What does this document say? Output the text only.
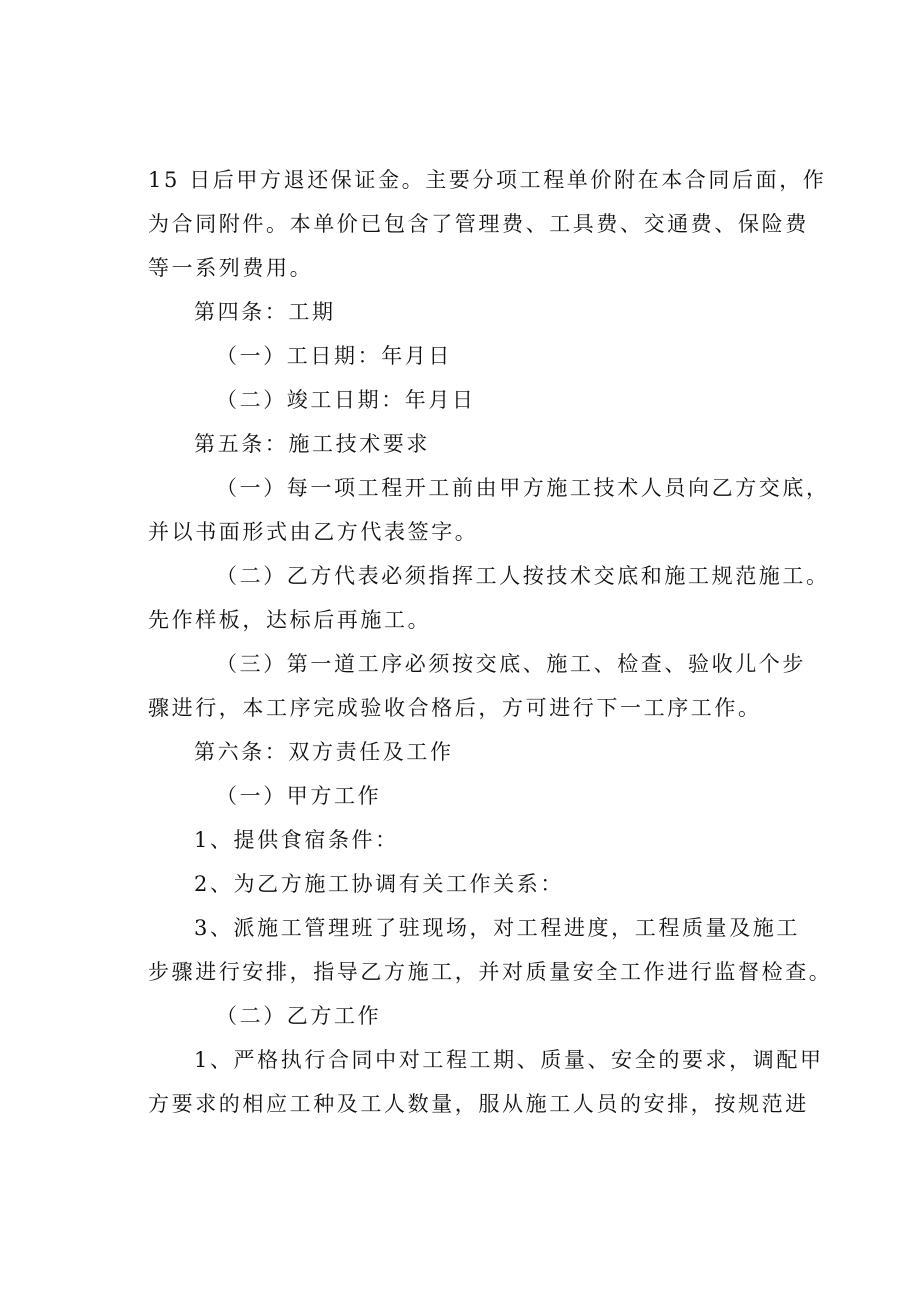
15 日后甲方退还保证金。主要分项工程单价附在本合同后面，作

为合同附件。本单价已包含了管理费、工具费、交通费、保险费

等一系列费用。

第四条：工期

（一）工日期：年月日

（二）竣工日期：年月日

第五条：施工技术要求

（一）每一项工程开工前由甲方施工技术人员向乙方交底，

并以书面形式由乙方代表签字。

（二）乙方代表必须指挥工人按技术交底和施工规范施工。

先作样板，达标后再施工。

（三）第一道工序必须按交底、施工、检查、验收儿个步

骤进行，本工序完成验收合格后，方可进行下一工序工作。

第六条：双方责任及工作

（一）甲方工作

1、提供食宿条件：

2、为乙方施工协调有关工作关系：

3、派施工管理班了驻现场，对工程进度，工程质量及施工

步骤进行安排，指导乙方施工，并对质量安全工作进行监督检查。

（二）乙方工作

1、严格执行合同中对工程工期、质量、安全的要求，调配甲

方要求的相应工种及工人数量，服从施工人员的安排，按规范进
